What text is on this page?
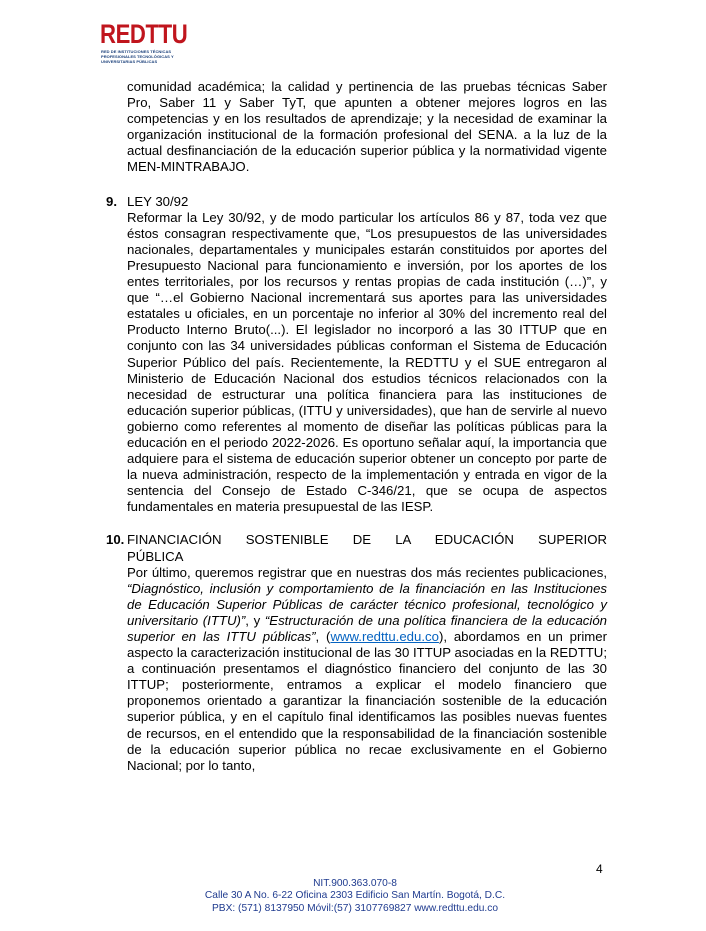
REDTTU
RED DE INSTITUCIONES TÉCNICAS PROFESIONALES TECNOLÓGICAS Y UNIVERSITARIAS PÚBLICAS

comunidad académica; la calidad y pertinencia de las pruebas técnicas Saber Pro, Saber 11 y Saber TyT, que apunten a obtener mejores logros en las competencias y en los resultados de aprendizaje; y la necesidad de examinar la organización institucional de la formación profesional del SENA. a la luz de la actual desfinanciación de la educación superior pública y la normatividad vigente MEN-MINTRABAJO.

9. LEY 30/92

Reformar la Ley 30/92, y de modo particular los artículos 86 y 87, toda vez que éstos consagran respectivamente que, “Los presupuestos de las universidades nacionales, departamentales y municipales estarán constituidos por aportes del Presupuesto Nacional para funcionamiento e inversión, por los aportes de los entes territoriales, por los recursos y rentas propias de cada institución (…)”, y que “…el Gobierno Nacional incrementará sus aportes para las universidades estatales u oficiales, en un porcentaje no inferior al 30% del incremento real del Producto Interno Bruto(...). El legislador no incorporó a las 30 ITTUP que en conjunto con las 34 universidades públicas conforman el Sistema de Educación Superior Público del país. Recientemente, la REDTTU y el SUE entregaron al Ministerio de Educación Nacional dos estudios técnicos relacionados con la necesidad de estructurar una política financiera para las instituciones de educación superior públicas, (ITTU y universidades), que han de servirle al nuevo gobierno como referentes al momento de diseñar las políticas públicas para la educación en el periodo 2022-2026. Es oportuno señalar aquí, la importancia que adquiere para el sistema de educación superior obtener un concepto por parte de la nueva administración, respecto de la implementación y entrada en vigor de la sentencia del Consejo de Estado C-346/21, que se ocupa de aspectos fundamentales en materia presupuestal de las IESP.

10. FINANCIACIÓN SOSTENIBLE DE LA EDUCACIÓN SUPERIOR

PÚBLICA

Por último, queremos registrar que en nuestras dos más recientes publicaciones, “Diagnóstico, inclusión y comportamiento de la financiación en las Instituciones de Educación Superior Públicas de carácter técnico profesional, tecnológico y universitario (ITTU)”, y “Estructuración de una política financiera de la educación superior en las ITTU públicas”, (www.redttu.edu.co), abordamos en un primer aspecto la caracterización institucional de las 30 ITTUP asociadas en la REDTTU; a continuación presentamos el diagnóstico financiero del conjunto de las 30 ITTUP; posteriormente, entramos a explicar el modelo financiero que proponemos orientado a garantizar la financiación sostenible de la educación superior pública, y en el capítulo final identificamos las posibles nuevas fuentes de recursos, en el entendido que la responsabilidad de la financiación sostenible de la educación superior pública no recae exclusivamente en el Gobierno Nacional; por lo tanto,

4
NIT.900.363.070-8
Calle 30 A No. 6-22 Oficina 2303 Edificio San Martín. Bogotá, D.C.
PBX: (571) 8137950 Móvil:(57) 3107769827 www.redttu.edu.co
